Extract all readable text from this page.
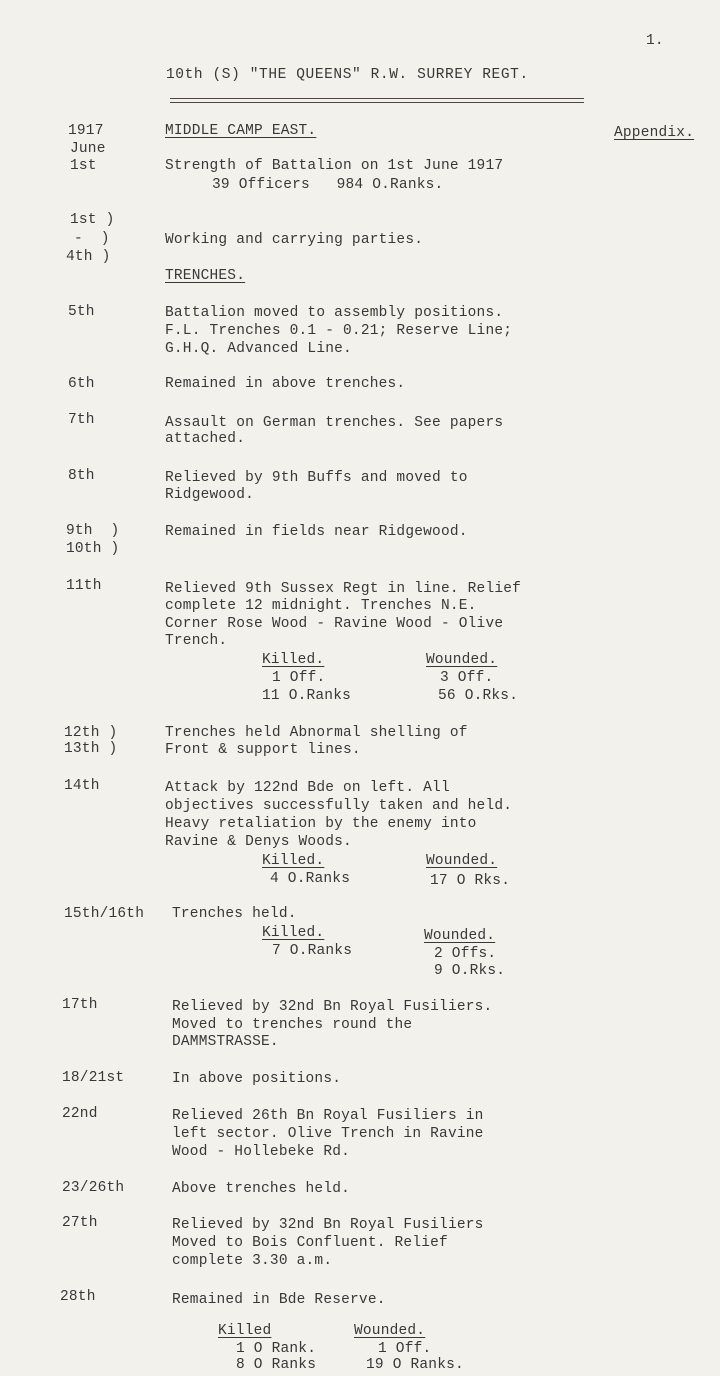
1.
10th (S) "THE QUEENS" R.W. SURREY REGT.
Appendix.
1917
June
1st
MIDDLE CAMP EAST.
Strength of Battalion on 1st June 1917
39 Officers   984 O.Ranks.
1st )
-  )
4th )
Working and carrying parties.
TRENCHES.
5th	Battalion moved to assembly positions.
F.L. Trenches 0.1 - 0.21; Reserve Line;
G.H.Q. Advanced Line.
6th	Remained in above trenches.
7th	Assault on German trenches. See papers
attached.
8th	Relieved by 9th Buffs and moved to
Ridgewood.
9th  )
10th )
Remained in fields near Ridgewood.
11th	Relieved 9th Sussex Regt in line. Relief
complete 12 midnight. Trenches N.E.
Corner Rose Wood - Ravine Wood - Olive
Trench.
Killed.
1 Off.
11 O.Ranks
Wounded.
3 Off.
56 O.Rks.
12th )
13th )
Trenches held Abnormal shelling of
Front & support lines.
14th	Attack by 122nd Bde on left. All
objectives successfully taken and held.
Heavy retaliation by the enemy into
Ravine & Denys Woods.
Killed.
4 O.Ranks
Wounded.
17 O Rks.
15th/16th Trenches held.
Killed.
7 O.Ranks
Wounded.
2 Offs.
9 O.Rks.
17th	Relieved by 32nd Bn Royal Fusiliers.
Moved to trenches round the
DAMMSTRASSE.
18/21st	In above positions.
22nd	Relieved 26th Bn Royal Fusiliers in
left sector. Olive Trench in Ravine
Wood - Hollebeke Rd.
23/26th	Above trenches held.
27th	Relieved by 32nd Bn Royal Fusiliers
Moved to Bois Confluent. Relief
complete 3.30 a.m.
28th	Remained in Bde Reserve.
Killed
1 O Rank.
8 O Ranks
Wounded.
1 Off.
19 O Ranks.
